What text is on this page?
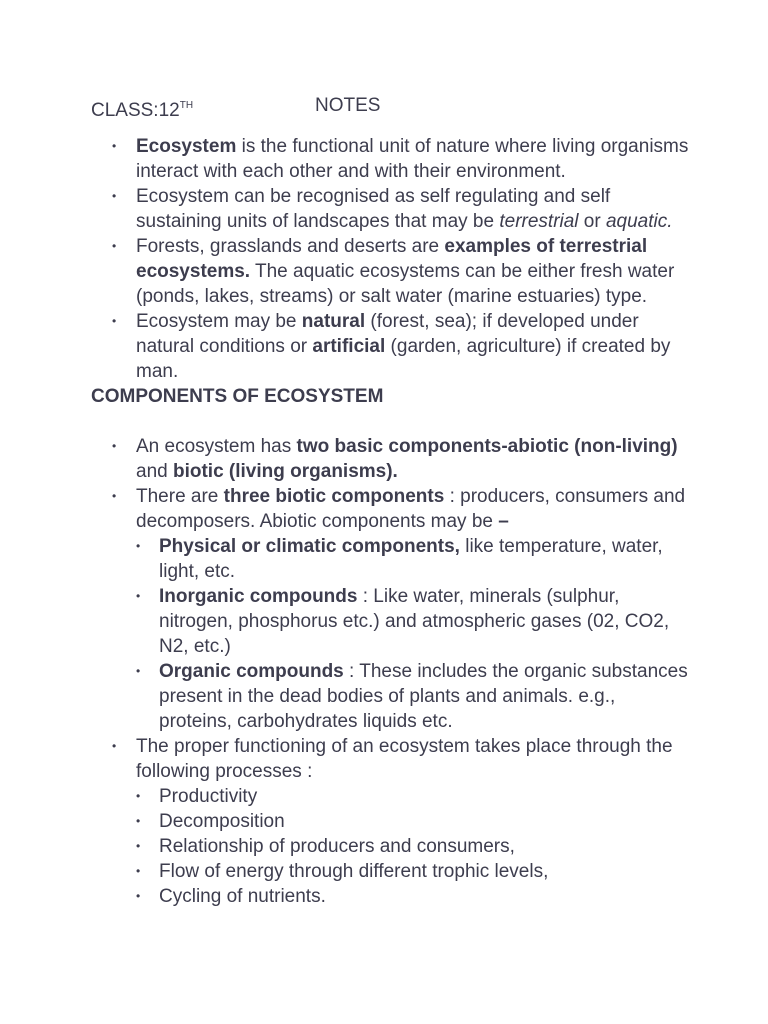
CLASS:12TH	NOTES
• Ecosystem is the functional unit of nature where living organisms interact with each other and with their environment.
• Ecosystem can be recognised as self regulating and self sustaining units of landscapes that may be terrestrial or aquatic.
• Forests, grasslands and deserts are examples of terrestrial ecosystems. The aquatic ecosystems can be either fresh water (ponds, lakes, streams) or salt water (marine estuaries) type.
• Ecosystem may be natural (forest, sea); if developed under natural conditions or artificial (garden, agriculture) if created by man.
COMPONENTS OF ECOSYSTEM
• An ecosystem has two basic components-abiotic (non-living) and biotic (living organisms).
• There are three biotic components : producers, consumers and decomposers. Abiotic components may be –
• Physical or climatic components, like temperature, water, light, etc.
• Inorganic compounds : Like water, minerals (sulphur, nitrogen, phosphorus etc.) and atmospheric gases (02, CO2, N2, etc.)
• Organic compounds : These includes the organic substances present in the dead bodies of plants and animals. e.g., proteins, carbohydrates liquids etc.
• The proper functioning of an ecosystem takes place through the following processes :
• Productivity
• Decomposition
• Relationship of producers and consumers,
• Flow of energy through different trophic levels,
• Cycling of nutrients.
